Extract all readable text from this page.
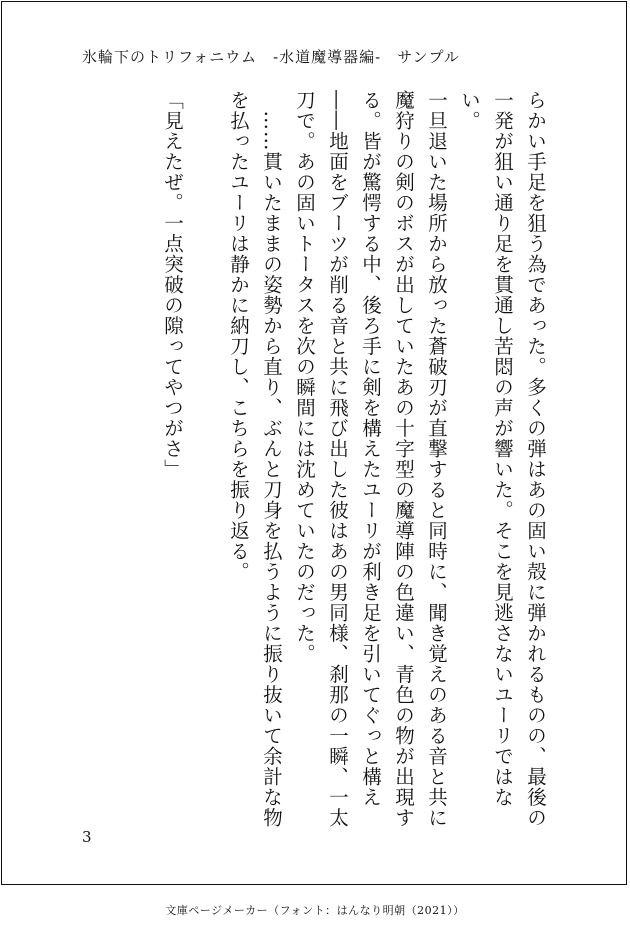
氷輪下のトリフォニウム　-水道魔導器編-　サンプル
らかい手足を狙う為であった。多くの弾はあの固い殻に弾かれるものの、最後の
一発が狙い通り足を貫通し苦悶の声が響いた。そこを見逃さないユーリではない。
一旦退いた場所から放った蒼破刃が直撃すると同時に、聞き覚えのある音と共に
魔狩りの剣のボスが出していたあの十字型の魔導陣の色違い、青色の物が出現す
る。皆が驚愕する中、後ろ手に剣を構えたユーリが利き足を引いてぐっと構え
――地面をブーツが削る音と共に飛び出した彼はあの男同様、刹那の一瞬、一太
刀で。あの固いトータスを次の瞬間には沈めていたのだった。
　……貫いたままの姿勢から直り、ぶんと刀身を払うように振り抜いて余計な物
を払ったユーリは静かに納刀し、こちらを振り返る。
「見えたぜ。一点突破の隙ってやつがさ」
3
文庫ページメーカー（フォント：はんなり明朝（2021））
